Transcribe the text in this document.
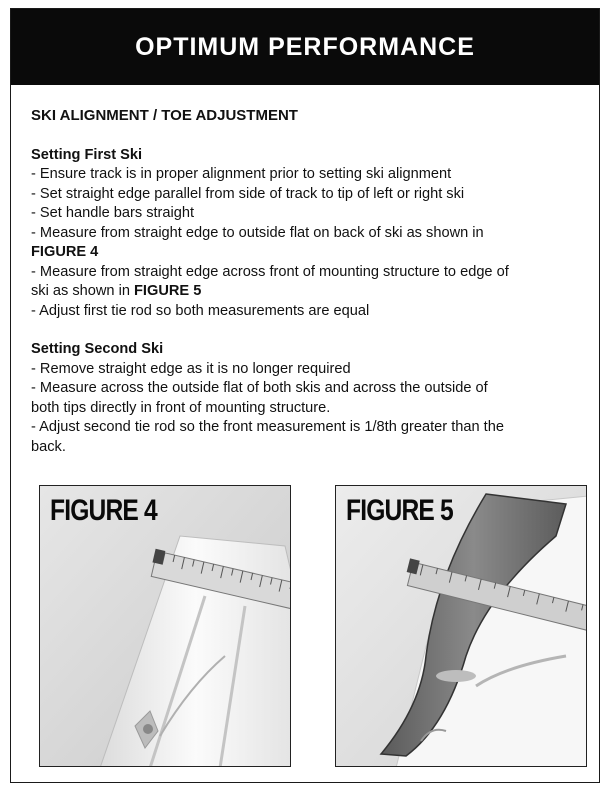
OPTIMUM PERFORMANCE

SKI ALIGNMENT / TOE ADJUSTMENT

Setting First Ski

- Ensure track is in proper alignment prior to setting ski alignment

- Set straight edge parallel from side of track to tip of left or right ski

- Set handle bars straight

- Measure from straight edge to outside flat on back of ski as shown in

FIGURE 4

- Measure from straight edge across front of mounting structure to edge of

ski as shown in FIGURE 5

- Adjust first tie rod so both measurements are equal

Setting Second Ski

- Remove straight edge as it is no longer required

- Measure across the outside flat of both skis and across the outside of

both tips directly in front of mounting structure.

- Adjust second tie rod so the front measurement is 1/8th greater than the

back.

FIGURE 4	FIGURE 5
